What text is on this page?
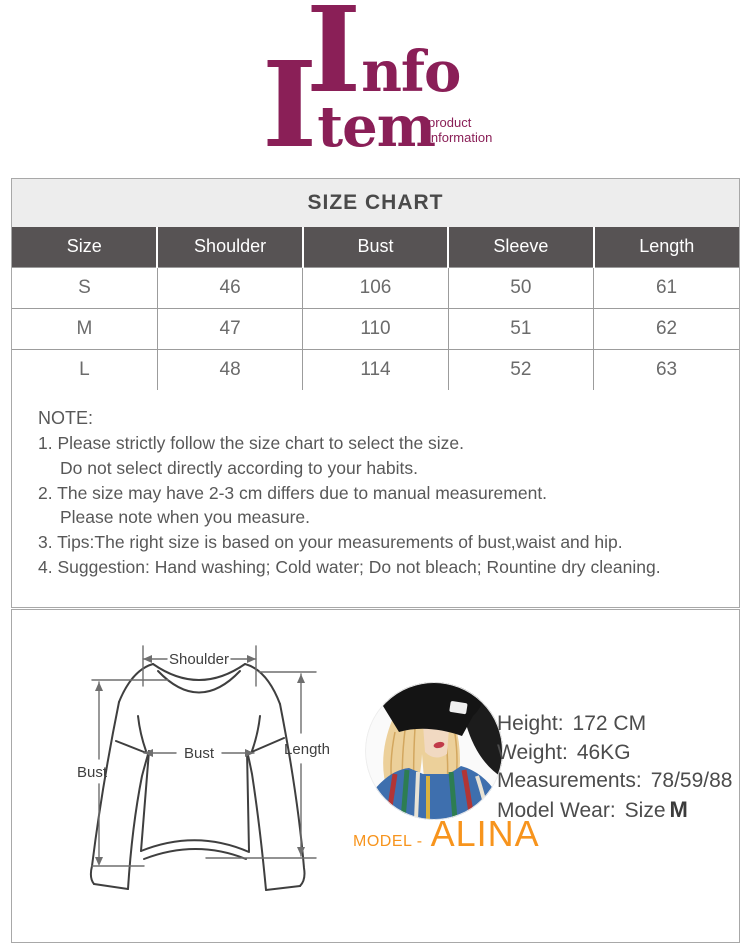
Info
Item
product
information
SIZE CHART
Size	Shoulder	Bust	Sleeve	Length
S	46	106	50	61
M	47	110	51	62
L	48	114	52	63
NOTE:
1. Please strictly follow the size chart to select the size.
Do not select directly according to your habits.
2. The size may have 2-3 cm differs due to manual measurement.
Please note when you measure.
3. Tips:The right size is based on your measurements of bust,waist and hip.
4. Suggestion: Hand washing; Cold water; Do not bleach; Rountine dry cleaning.
Shoulder
Bust
Bust
Length
MODEL - ALINA
Height: 172 CM
Weight: 46KG
Measurements: 78/59/88
Model Wear: Size M
